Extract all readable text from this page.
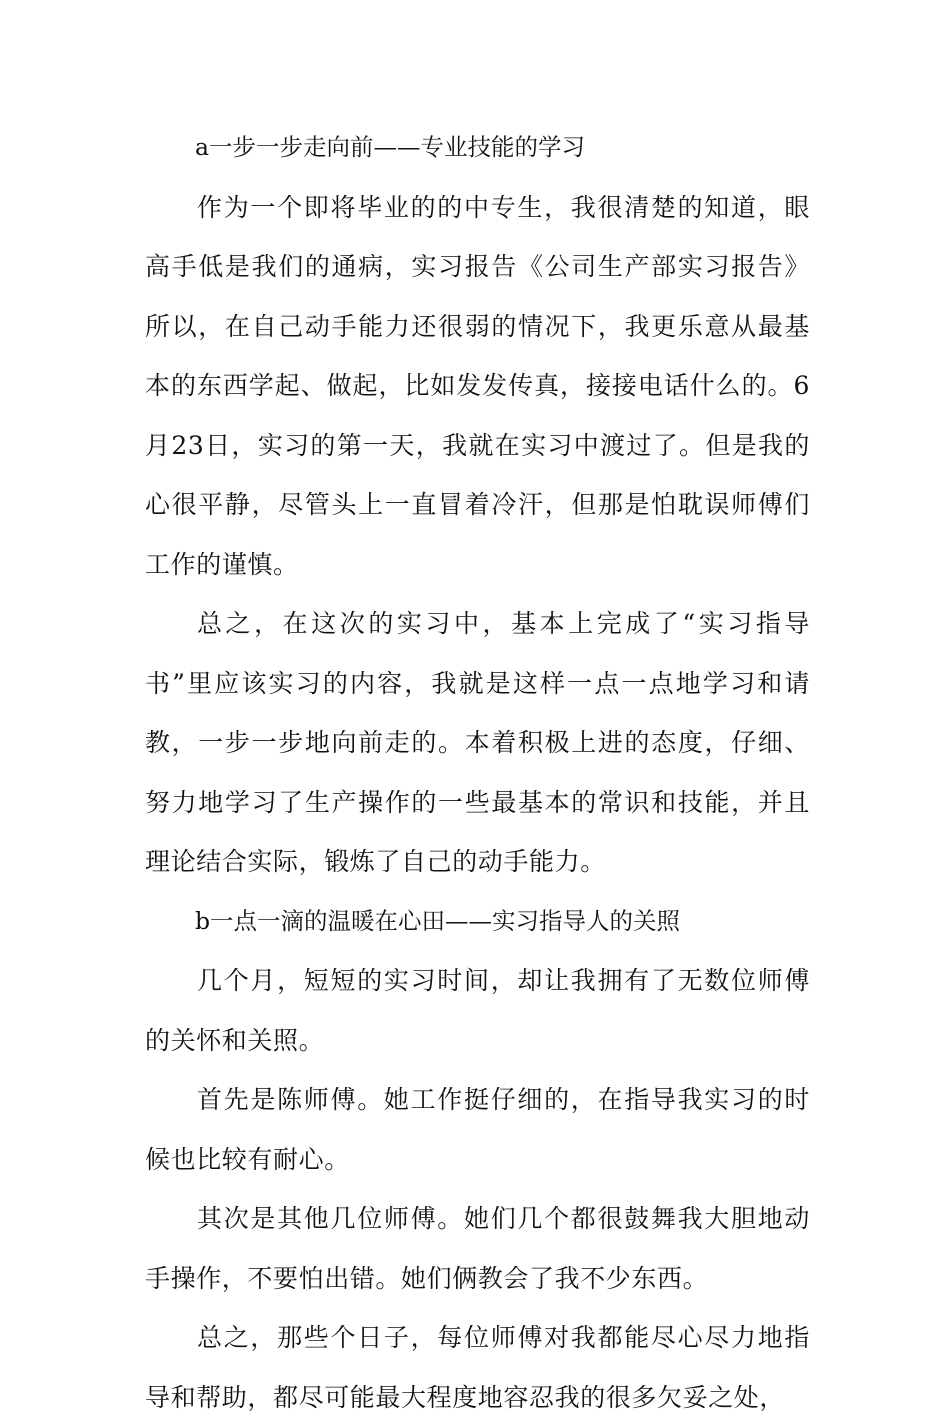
a一步一步走向前——专业技能的学习

作为一个即将毕业的的中专生，我很清楚的知道，眼高手低是我们的通病，实习报告《公司生产部实习报告》所以，在自己动手能力还很弱的情况下，我更乐意从最基本的东西学起、做起，比如发发传真，接接电话什么的。6月23日，实习的第一天，我就在实习中渡过了。但是我的心很平静，尽管头上一直冒着冷汗，但那是怕耽误师傅们工作的谨慎。

总之，在这次的实习中，基本上完成了“实习指导书”里应该实习的内容，我就是这样一点一点地学习和请教，一步一步地向前走的。本着积极上进的态度，仔细、努力地学习了生产操作的一些最基本的常识和技能，并且理论结合实际，锻炼了自己的动手能力。

b一点一滴的温暖在心田——实习指导人的关照

几个月，短短的实习时间，却让我拥有了无数位师傅的关怀和关照。

首先是陈师傅。她工作挺仔细的，在指导我实习的时候也比较有耐心。

其次是其他几位师傅。她们几个都很鼓舞我大胆地动手操作，不要怕出错。她们俩教会了我不少东西。

总之，那些个日子，每位师傅对我都能尽心尽力地指导和帮助，都尽可能最大程度地容忍我的很多欠妥之处，
